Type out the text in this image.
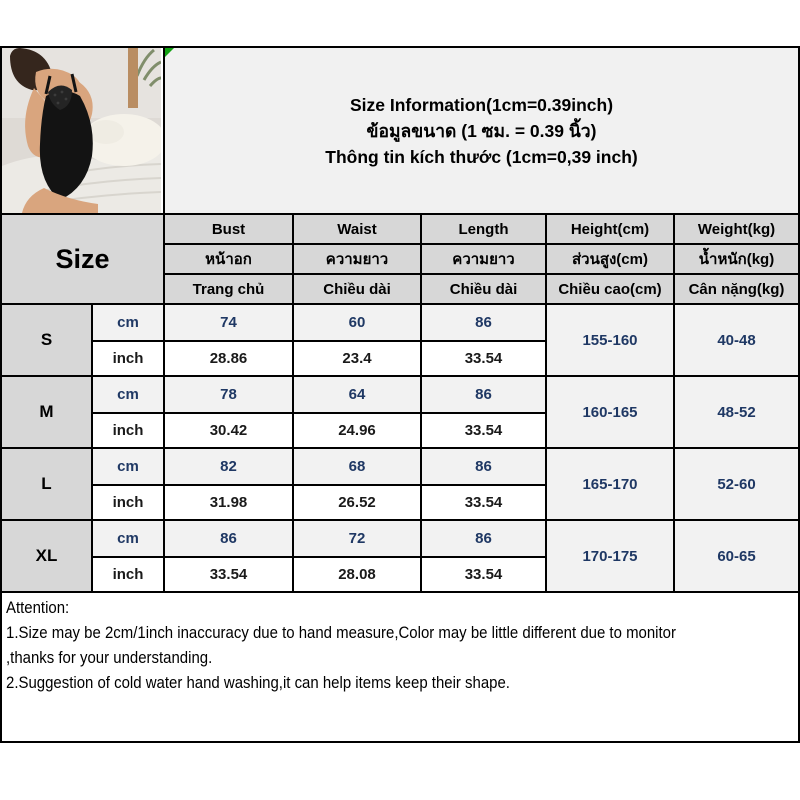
Size Information(1cm=0.39inch)
ข้อมูลขนาด (1 ซม. = 0.39 นิ้ว)
Thông tin kích thước (1cm=0,39 inch)				

Size		Bust	Waist	Length	Height(cm)	Weight(kg)
		หน้าอก	ความยาว	ความยาว	ส่วนสูง(cm)	น้ำหนัก(kg)
		Trang chủ	Chiều dài	Chiều dài	Chiều cao(cm)	Cân nặng(kg)
S	cm	74	60	86	155-160	40-48
	inch	28.86	23.4	33.54		
M	cm	78	64	86	160-165	48-52
	inch	30.42	24.96	33.54		
L	cm	82	68	86	165-170	52-60
	inch	31.98	26.52	33.54		
XL	cm	86	72	86	170-175	60-65
	inch	33.54	28.08	33.54		

Attention:
1.Size may be 2cm/1inch inaccuracy due to hand measure,Color may be little different due to monitor
,thanks for your understanding.
2.Suggestion of cold water hand washing,it can help items keep their shape.						
